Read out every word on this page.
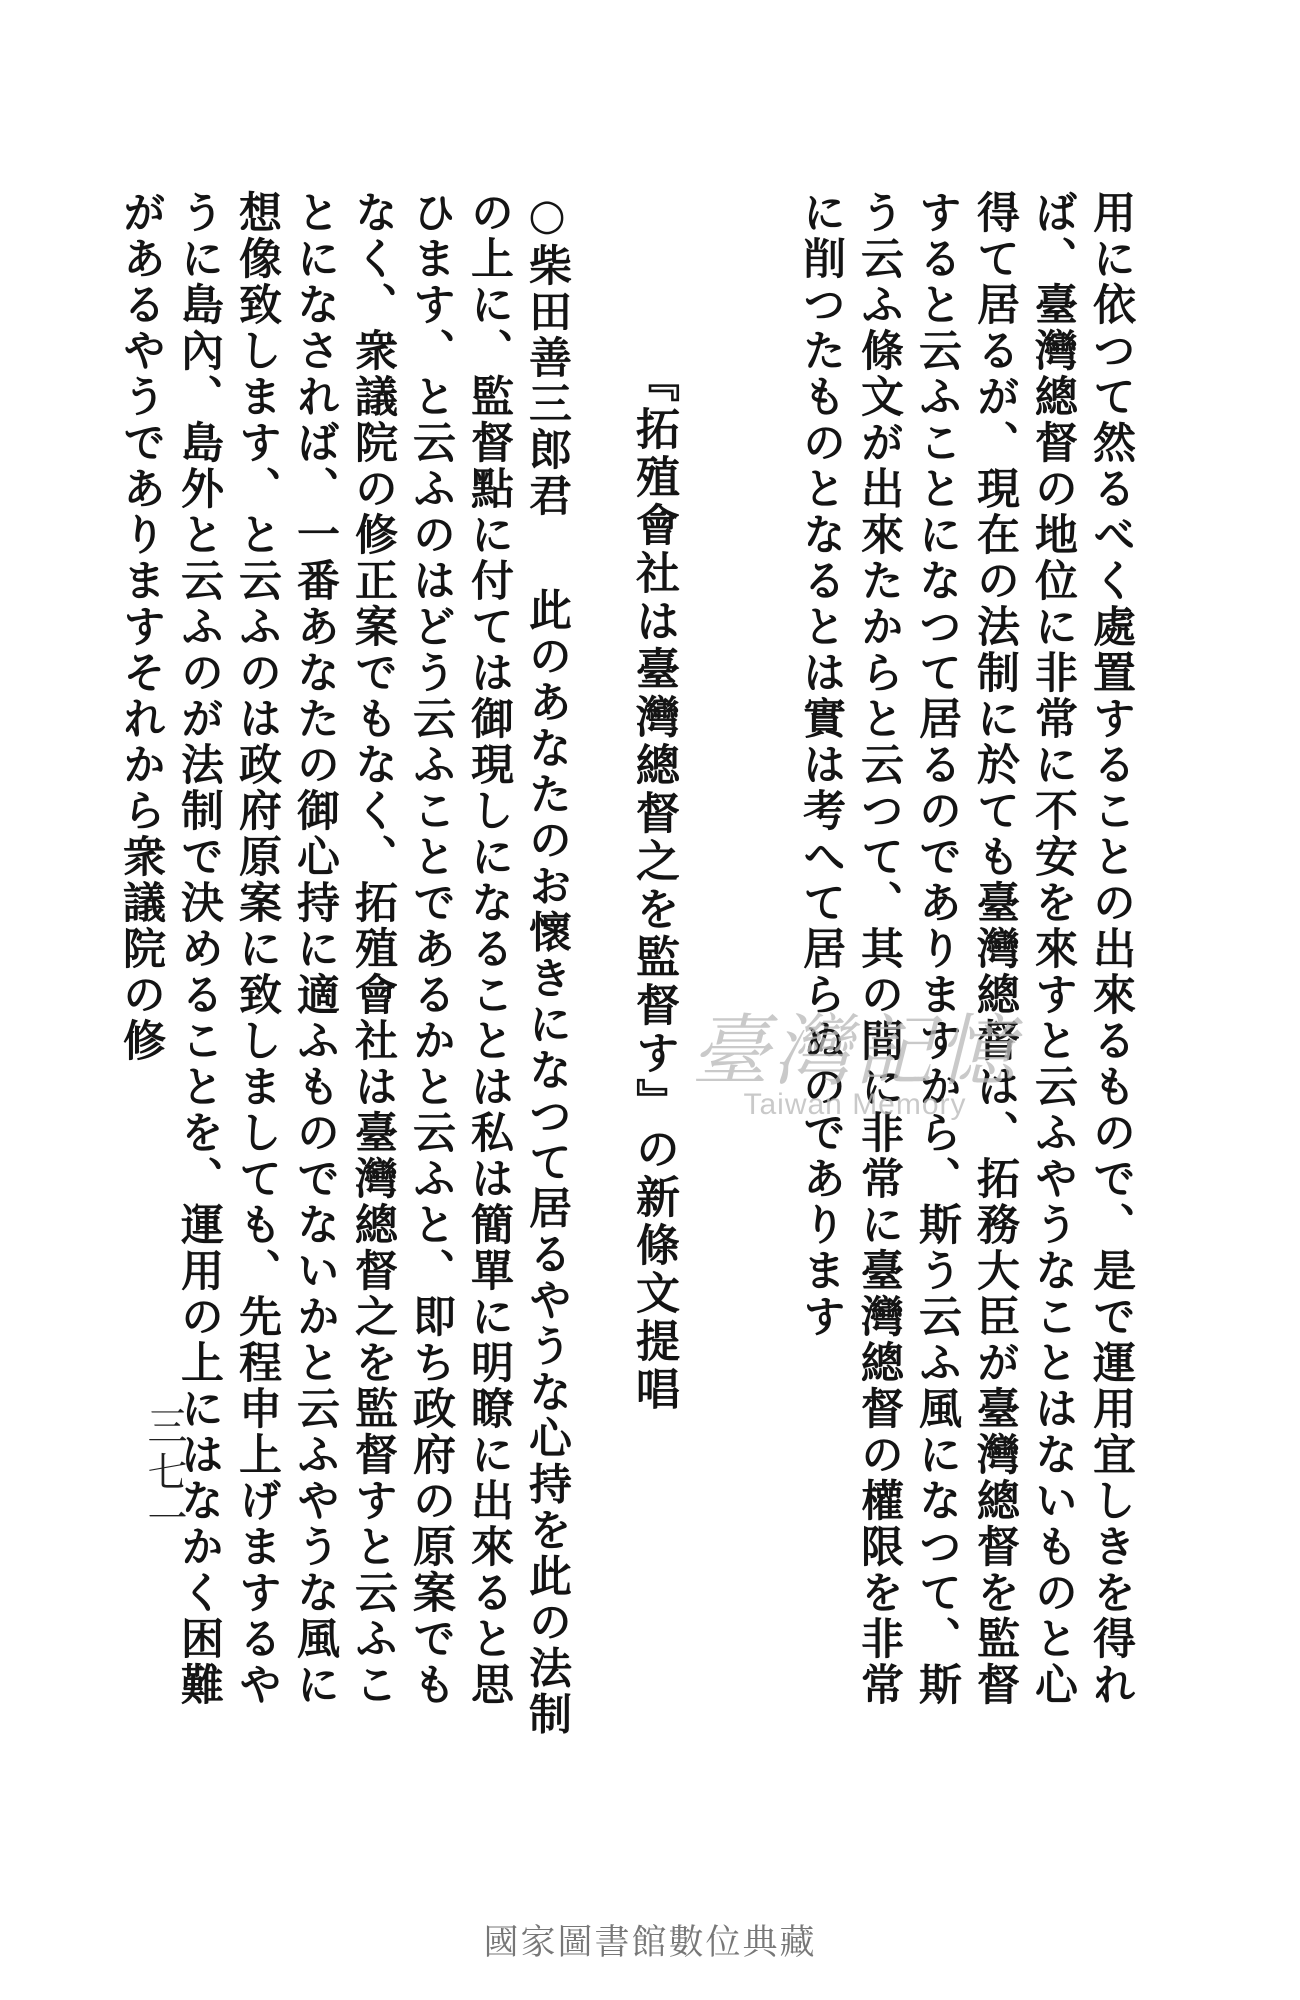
用に依つて然るべく處置することの出來るもので、是で運用宜しきを得れば、臺灣總督の地位に非常に不安を來すと云ふやうなことはないものと心得て居るが、現在の法制に於ても臺灣總督は、拓務大臣が臺灣總督を監督すると云ふことになつて居るのでありますから、斯う云ふ風になつて、斯う云ふ條文が出來たからと云つて、其の間に非常に臺灣總督の權限を非常に削つたものとなるとは實は考へて居らぬのであります

『拓殖會社は臺灣總督之を監督す』の新條文提唱

○柴田善三郎君此のあなたのお懷きになつて居るやうな心持を此の法制の上に、監督點に付ては御現しになることは私は簡單に明瞭に出來ると思ひます、と云ふのはどう云ふことであるかと云ふと、即ち政府の原案でもなく、衆議院の修正案でもなく、拓殖會社は臺灣總督之を監督すと云ふことになされば、一番あなたの御心持に適ふものでないかと云ふやうな風に想像致します、と云ふのは政府原案に致しましても、先程申上げまするやうに島內、島外と云ふのが法制で決めることを、運用の上にはなかく困難があるやうでありますそれから衆議院の修

三七一
臺灣記憶
Taiwan Memory
國家圖書館數位典藏
